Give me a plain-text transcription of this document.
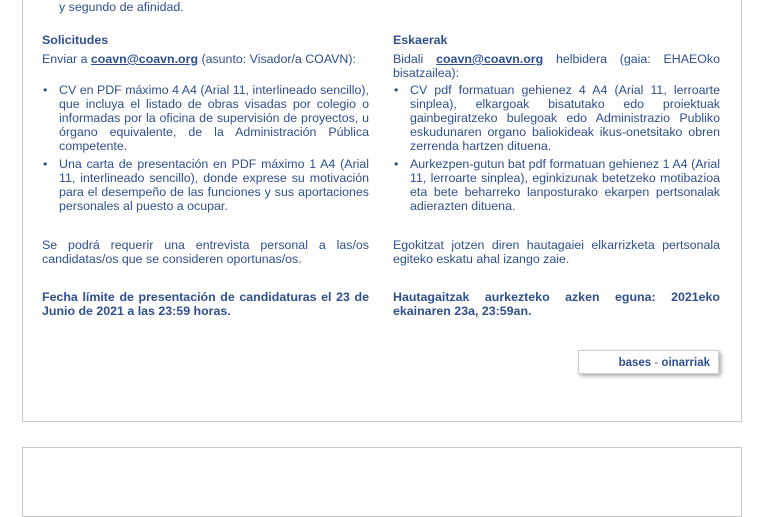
y segundo de afinidad.
Solicitudes
Enviar a coavn@coavn.org (asunto: Visador/a COAVN):
• CV en PDF máximo 4 A4 (Arial 11, interlineado sencillo), que incluya el listado de obras visadas por colegio o informadas por la oficina de supervisión de proyectos, u órgano equivalente, de la Administración Pública competente.
• Una carta de presentación en PDF máximo 1 A4 (Arial 11, interlineado sencillo), donde exprese su motivación para el desempeño de las funciones y sus aportaciones personales al puesto a ocupar.
Se podrá requerir una entrevista personal a las/os candidatas/os que se consideren oportunas/os.
Fecha límite de presentación de candidaturas el 23 de Junio de 2021 a las 23:59 horas.
Eskaerak
Bidali coavn@coavn.org helbidera (gaia: EHAEOko bisatzailea):
• CV pdf formatuan gehienez 4 A4 (Arial 11, lerroarte sinplea), elkargoak bisatutako edo proiektuak gainbegiratzeko bulegoak edo Administrazio Publiko eskudunaren organo baliokideak ikus-onetsitako obren zerrenda hartzen dituena.
• Aurkezpen-gutun bat pdf formatuan gehienez 1 A4 (Arial 11, lerroarte sinplea), eginkizunak betetzeko motibazioa eta bete beharreko lanposturako ekarpen pertsonalak adierazten dituena.
Egokitzat jotzen diren hautagaiei elkarrizketa pertsonala egiteko eskatu ahal izango zaie.
Hautagaitzak aurkezteko azken eguna: 2021eko ekainaren 23a, 23:59an.
bases - oinarriak
